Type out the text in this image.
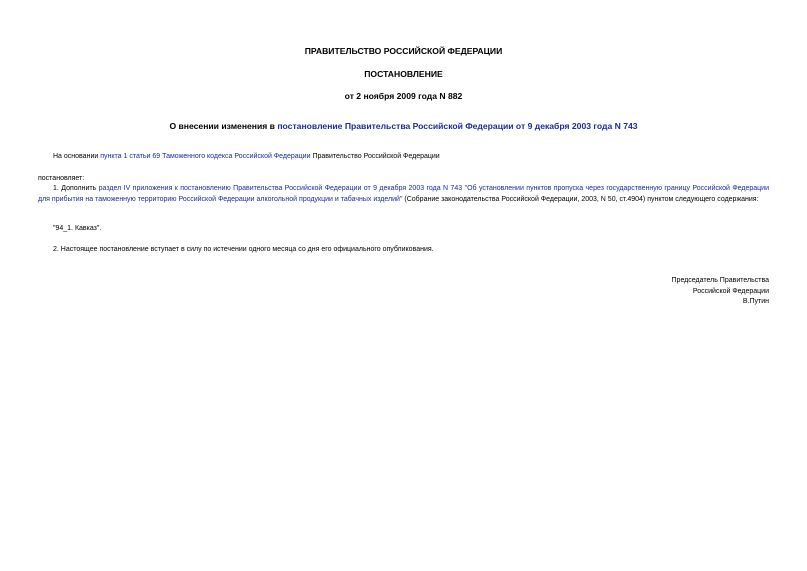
ПРАВИТЕЛЬСТВО РОССИЙСКОЙ ФЕДЕРАЦИИ
ПОСТАНОВЛЕНИЕ
от 2 ноября 2009 года N 882
О внесении изменения в постановление Правительства Российской Федерации от 9 декабря 2003 года N 743
На основании пункта 1 статьи 69 Таможенного кодекса Российской Федерации Правительство Российской Федерации
постановляет:
1. Дополнить раздел IV приложения к постановлению Правительства Российской Федерации от 9 декабря 2003 года N 743 "Об установлении пунктов пропуска через государственную границу Российской Федерации для прибытия на таможенную территорию Российской Федерации алкогольной продукции и табачных изделий" (Собрание законодательства Российской Федерации, 2003, N 50, ст.4904) пунктом следующего содержания:
"94_1. Кавказ".
2. Настоящее постановление вступает в силу по истечении одного месяца со дня его официального опубликования.
Председатель Правительства
Российской Федерации
В.Путин
